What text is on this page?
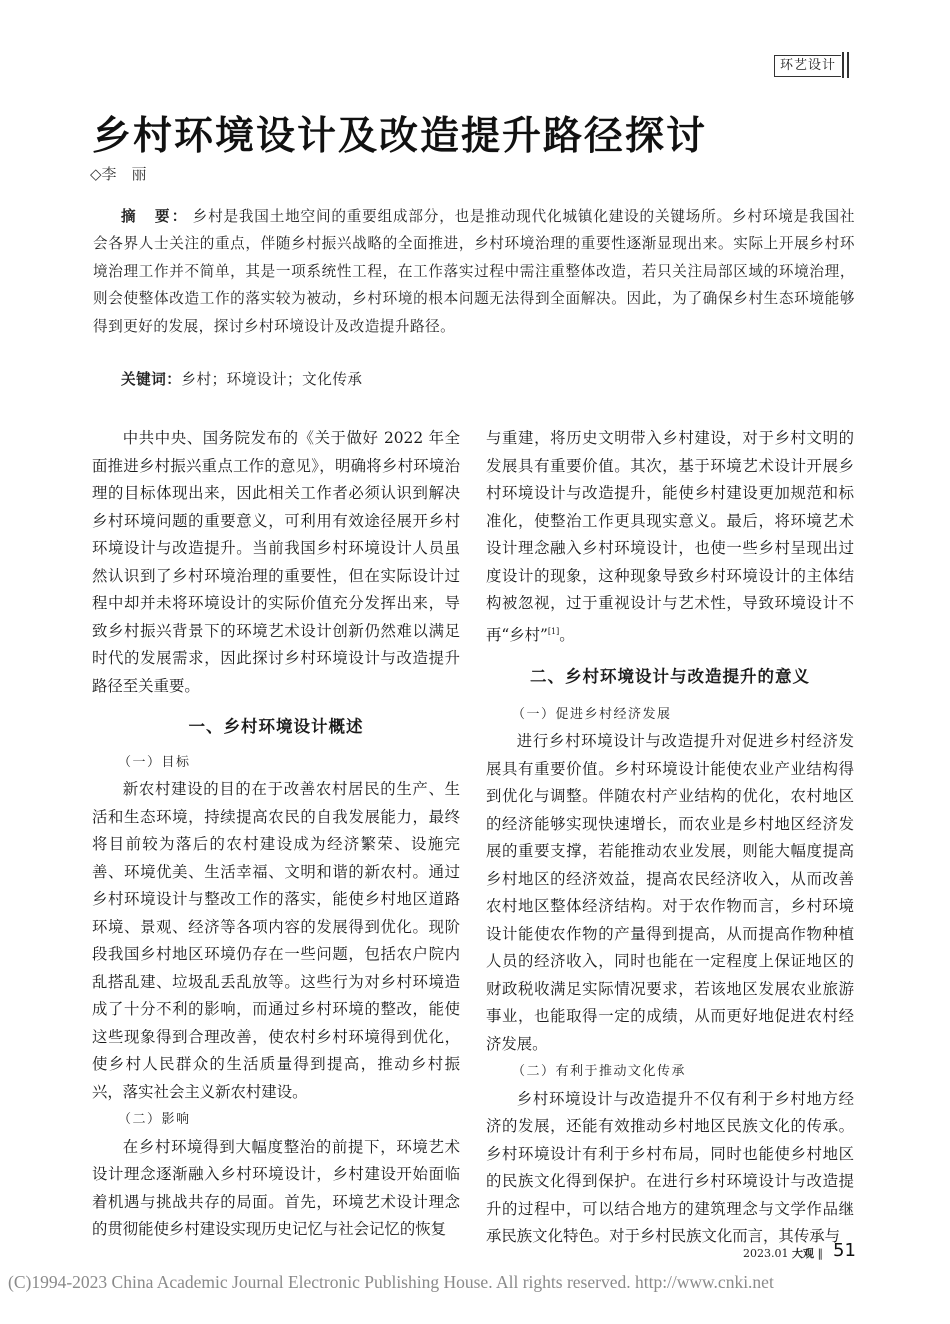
环艺设计
乡村环境设计及改造提升路径探讨
◇李　丽
摘　要： 乡村是我国土地空间的重要组成部分，也是推动现代化城镇化建设的关键场所。乡村环境是我国社会各界人士关注的重点，伴随乡村振兴战略的全面推进，乡村环境治理的重要性逐渐显现出来。实际上开展乡村环境治理工作并不简单，其是一项系统性工程，在工作落实过程中需注重整体改造，若只关注局部区域的环境治理，则会使整体改造工作的落实较为被动，乡村环境的根本问题无法得到全面解决。因此，为了确保乡村生态环境能够得到更好的发展，探讨乡村环境设计及改造提升路径。
关键词：乡村；环境设计；文化传承

中共中央、国务院发布的《关于做好 2022 年全面推进乡村振兴重点工作的意见》，明确将乡村环境治理的目标体现出来，因此相关工作者必须认识到解决乡村环境问题的重要意义，可利用有效途径展开乡村环境设计与改造提升。当前我国乡村环境设计人员虽然认识到了乡村环境治理的重要性，但在实际设计过程中却并未将环境设计的实际价值充分发挥出来，导致乡村振兴背景下的环境艺术设计创新仍然难以满足时代的发展需求，因此探讨乡村环境设计与改造提升路径至关重要。

一、乡村环境设计概述
（一）目标

新农村建设的目的在于改善农村居民的生产、生活和生态环境，持续提高农民的自我发展能力，最终将目前较为落后的农村建设成为经济繁荣、设施完善、环境优美、生活幸福、文明和谐的新农村。通过乡村环境设计与整改工作的落实，能使乡村地区道路环境、景观、经济等各项内容的发展得到优化。现阶段我国乡村地区环境仍存在一些问题，包括农户院内乱搭乱建、垃圾乱丢乱放等。这些行为对乡村环境造成了十分不利的影响，而通过乡村环境的整改，能使这些现象得到合理改善，使农村乡村环境得到优化，使乡村人民群众的生活质量得到提高，推动乡村振兴，落实社会主义新农村建设。

（二）影响

在乡村环境得到大幅度整治的前提下，环境艺术设计理念逐渐融入乡村环境设计，乡村建设开始面临着机遇与挑战共存的局面。首先，环境艺术设计理念的贯彻能使乡村建设实现历史记忆与社会记忆的恢复

与重建，将历史文明带入乡村建设，对于乡村文明的发展具有重要价值。其次，基于环境艺术设计开展乡村环境设计与改造提升，能使乡村建设更加规范和标准化，使整治工作更具现实意义。最后，将环境艺术设计理念融入乡村环境设计，也使一些乡村呈现出过度设计的现象，这种现象导致乡村环境设计的主体结构被忽视，过于重视设计与艺术性，导致环境设计不再“乡村”[1]。

二、乡村环境设计与改造提升的意义
（一）促进乡村经济发展

进行乡村环境设计与改造提升对促进乡村经济发展具有重要价值。乡村环境设计能使农业产业结构得到优化与调整。伴随农村产业结构的优化，农村地区的经济能够实现快速增长，而农业是乡村地区经济发展的重要支撑，若能推动农业发展，则能大幅度提高乡村地区的经济效益，提高农民经济收入，从而改善农村地区整体经济结构。对于农作物而言，乡村环境设计能使农作物的产量得到提高，从而提高作物种植人员的经济收入，同时也能在一定程度上保证地区的财政税收满足实际情况要求，若该地区发展农业旅游事业，也能取得一定的成绩，从而更好地促进农村经济发展。

（二）有利于推动文化传承

乡村环境设计与改造提升不仅有利于乡村地方经济的发展，还能有效推动乡村地区民族文化的传承。乡村环境设计有利于乡村布局，同时也能使乡村地区的民族文化得到保护。在进行乡村环境设计与改造提升的过程中，可以结合地方的建筑理念与文学作品继承民族文化特色。对于乡村民族文化而言，其传承与

2023.01 大观 ‖ 51
(C)1994-2023 China Academic Journal Electronic Publishing House. All rights reserved. http://www.cnki.net
